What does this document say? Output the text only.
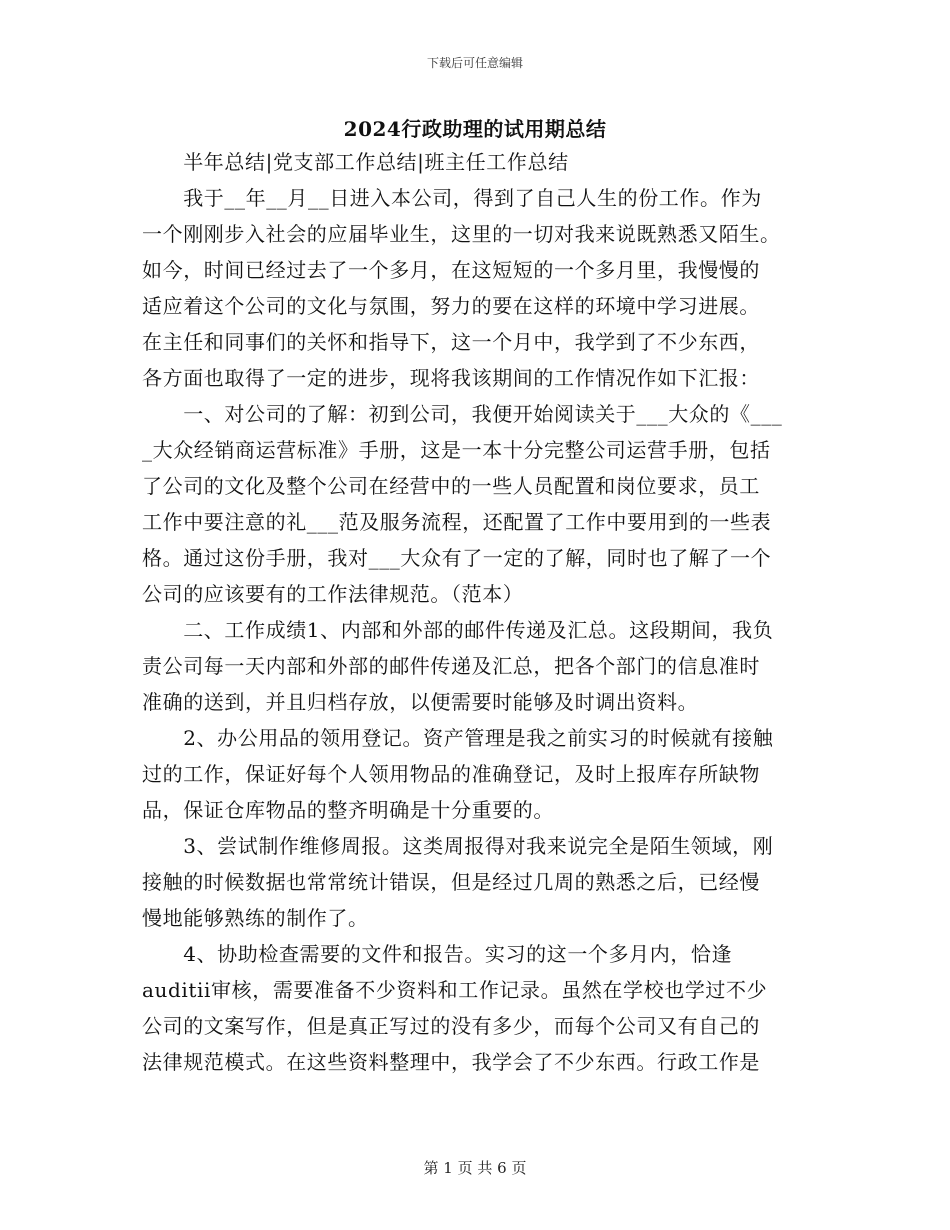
下载后可任意编辑
2024行政助理的试用期总结
　　半年总结|党支部工作总结|班主任工作总结
　　我于__年__月__日进入本公司，得到了自己人生的份工作。作为
一个刚刚步入社会的应届毕业生，这里的一切对我来说既熟悉又陌生。
如今，时间已经过去了一个多月，在这短短的一个多月里，我慢慢的
适应着这个公司的文化与氛围，努力的要在这样的环境中学习进展。
在主任和同事们的关怀和指导下，这一个月中，我学到了不少东西，
各方面也取得了一定的进步，现将我该期间的工作情况作如下汇报：
　　一、对公司的了解：初到公司，我便开始阅读关于___大众的《___
_大众经销商运营标准》手册，这是一本十分完整公司运营手册，包括
了公司的文化及整个公司在经营中的一些人员配置和岗位要求，员工
工作中要注意的礼___范及服务流程，还配置了工作中要用到的一些表
格。通过这份手册，我对___大众有了一定的了解，同时也了解了一个
公司的应该要有的工作法律规范。（范本）
　　二、工作成绩1、内部和外部的邮件传递及汇总。这段期间，我负
责公司每一天内部和外部的邮件传递及汇总，把各个部门的信息准时
准确的送到，并且归档存放，以便需要时能够及时调出资料。
　　2、办公用品的领用登记。资产管理是我之前实习的时候就有接触
过的工作，保证好每个人领用物品的准确登记，及时上报库存所缺物
品，保证仓库物品的整齐明确是十分重要的。
　　3、尝试制作维修周报。这类周报得对我来说完全是陌生领域，刚
接触的时候数据也常常统计错误，但是经过几周的熟悉之后，已经慢
慢地能够熟练的制作了。
　　4、协助检查需要的文件和报告。实习的这一个多月内，恰逢
auditii审核，需要准备不少资料和工作记录。虽然在学校也学过不少
公司的文案写作，但是真正写过的没有多少，而每个公司又有自己的
法律规范模式。在这些资料整理中，我学会了不少东西。行政工作是
第 1 页 共 6 页
